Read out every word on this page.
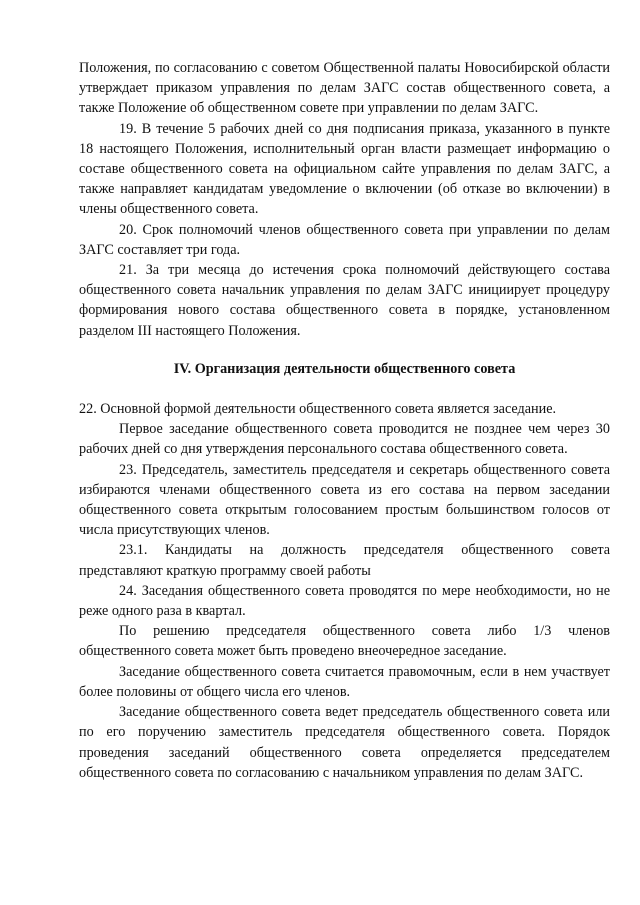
Положения, по согласованию с советом Общественной палаты Новосибирской области утверждает приказом управления по делам ЗАГС состав общественного совета, а также Положение об общественном совете при управлении по делам ЗАГС.

19. В течение 5 рабочих дней со дня подписания приказа, указанного в пункте 18 настоящего Положения, исполнительный орган власти размещает информацию о составе общественного совета на официальном сайте управления по делам ЗАГС, а также направляет кандидатам уведомление о включении (об отказе во включении) в члены общественного совета.

20. Срок полномочий членов общественного совета при управлении по делам ЗАГС составляет три года.

21. За три месяца до истечения срока полномочий действующего состава общественного совета начальник управления по делам ЗАГС инициирует процедуру формирования нового состава общественного совета в порядке, установленном разделом III настоящего Положения.

IV. Организация деятельности общественного совета

22. Основной формой деятельности общественного совета является заседание.

Первое заседание общественного совета проводится не позднее чем через 30 рабочих дней со дня утверждения персонального состава общественного совета.

23. Председатель, заместитель председателя и секретарь общественного совета избираются членами общественного совета из его состава на первом заседании общественного совета открытым голосованием простым большинством голосов от числа присутствующих членов.

23.1. Кандидаты на должность председателя общественного совета представляют краткую программу своей работы

24. Заседания общественного совета проводятся по мере необходимости, но не реже одного раза в квартал.

По решению председателя общественного совета либо 1/3 членов общественного совета может быть проведено внеочередное заседание.

Заседание общественного совета считается правомочным, если в нем участвует более половины от общего числа его членов.

Заседание общественного совета ведет председатель общественного совета или по его поручению заместитель председателя общественного совета. Порядок проведения заседаний общественного совета определяется председателем общественного совета по согласованию с начальником управления по делам ЗАГС.
